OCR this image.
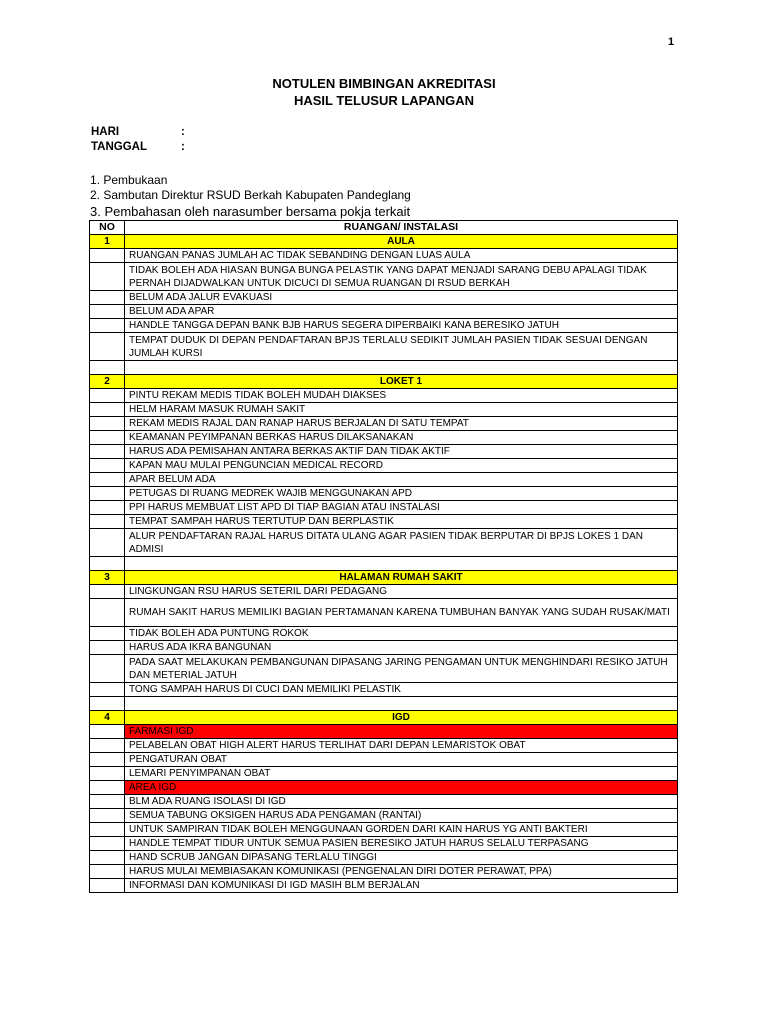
1
NOTULEN BIMBINGAN AKREDITASI
HASIL TELUSUR LAPANGAN
HARI	:
TANGGAL	:
1. Pembukaan
2. Sambutan Direktur RSUD Berkah Kabupaten Pandeglang
3. Pembahasan oleh narasumber bersama pokja terkait
NO	RUANGAN/ INSTALASI
1	AULA
	RUANGAN PANAS JUMLAH AC TIDAK SEBANDING DENGAN LUAS AULA
	TIDAK BOLEH ADA HIASAN BUNGA BUNGA PELASTIK YANG DAPAT MENJADI SARANG DEBU APALAGI TIDAK PERNAH DIJADWALKAN UNTUK DICUCI DI SEMUA RUANGAN DI RSUD BERKAH
	BELUM ADA JALUR EVAKUASI
	BELUM ADA APAR
	HANDLE TANGGA DEPAN BANK BJB HARUS SEGERA DIPERBAIKI KANA BERESIKO JATUH
	TEMPAT DUDUK DI DEPAN PENDAFTARAN BPJS TERLALU SEDIKIT JUMLAH PASIEN TIDAK SESUAI DENGAN JUMLAH KURSI

2	LOKET 1
	PINTU REKAM MEDIS TIDAK BOLEH MUDAH DIAKSES
	HELM HARAM MASUK RUMAH SAKIT
	REKAM MEDIS RAJAL DAN RANAP HARUS BERJALAN DI SATU TEMPAT
	KEAMANAN PEYIMPANAN BERKAS HARUS DILAKSANAKAN
	HARUS ADA PEMISAHAN ANTARA BERKAS AKTIF DAN TIDAK AKTIF
	KAPAN MAU MULAI PENGUNCIAN MEDICAL RECORD
	APAR BELUM ADA
	PETUGAS DI RUANG MEDREK WAJIB MENGGUNAKAN APD
	PPI HARUS MEMBUAT LIST APD DI TIAP BAGIAN ATAU INSTALASI
	TEMPAT SAMPAH HARUS TERTUTUP DAN BERPLASTIK
	ALUR PENDAFTARAN RAJAL HARUS DITATA ULANG AGAR PASIEN TIDAK BERPUTAR DI BPJS LOKES 1 DAN ADMISI

3	HALAMAN RUMAH SAKIT
	LINGKUNGAN RSU HARUS SETERIL DARI PEDAGANG
	RUMAH SAKIT HARUS MEMILIKI BAGIAN PERTAMANAN KARENA TUMBUHAN BANYAK YANG SUDAH RUSAK/MATI
	TIDAK BOLEH ADA PUNTUNG ROKOK
	HARUS ADA IKRA BANGUNAN
	PADA SAAT MELAKUKAN PEMBANGUNAN DIPASANG JARING PENGAMAN UNTUK MENGHINDARI RESIKO JATUH DAN METERIAL JATUH
	TONG SAMPAH HARUS DI CUCI DAN MEMILIKI PELASTIK

4	IGD
	FARMASI IGD
	PELABELAN OBAT HIGH ALERT HARUS TERLIHAT DARI DEPAN LEMARISTOK OBAT
	PENGATURAN OBAT
	LEMARI PENYIMPANAN OBAT
	AREA IGD
	BLM ADA RUANG ISOLASI DI IGD
	SEMUA TABUNG OKSIGEN HARUS ADA PENGAMAN (RANTAI)
	UNTUK SAMPIRAN TIDAK BOLEH MENGGUNAAN GORDEN DARI KAIN HARUS YG ANTI BAKTERI
	HANDLE TEMPAT TIDUR UNTUK SEMUA PASIEN BERESIKO JATUH HARUS SELALU TERPASANG
	HAND SCRUB JANGAN DIPASANG TERLALU TINGGI
	HARUS MULAI MEMBIASAKAN KOMUNIKASI (PENGENALAN DIRI DOTER PERAWAT, PPA)
	INFORMASI DAN KOMUNIKASI DI IGD MASIH BLM BERJALAN
